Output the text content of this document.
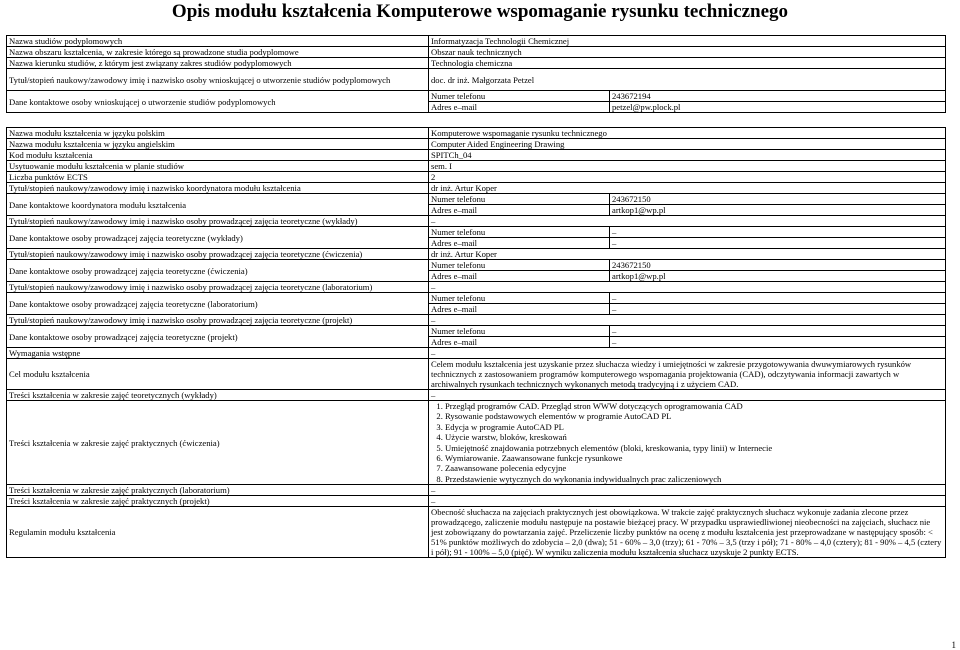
Opis modułu kształcenia Komputerowe wspomaganie rysunku technicznego
Nazwa studiów podyplomowych	Informatyzacja Technologii Chemicznej
Nazwa obszaru kształcenia, w zakresie którego są prowadzone studia podyplomowe	Obszar nauk technicznych
Nazwa kierunku studiów, z którym jest związany zakres studiów podyplomowych	Technologia chemiczna
Tytuł/stopień naukowy/zawodowy imię i nazwisko osoby wnioskującej o utworzenie studiów podyplomowych	doc. dr inż. Małgorzata Petzel
Dane kontaktowe osoby wnioskującej o utworzenie studiów podyplomowych	
Numer telefonu	243672194
Adres e–mail	petzel@pw.plock.pl
Nazwa modułu kształcenia w języku polskim	Komputerowe wspomaganie rysunku technicznego
Nazwa modułu kształcenia w języku angielskim	Computer Aided Engineering Drawing
Kod modułu kształcenia	SPITCh_04
Usytuowanie modułu kształcenia w planie studiów	sem. I
Liczba punktów ECTS	2
Tytuł/stopień naukowy/zawodowy imię i nazwisko koordynatora modułu kształcenia	dr inż. Artur Koper
Dane kontaktowe koordynatora modułu kształcenia	
Numer telefonu	243672150
Adres e–mail	artkop1@wp.pl

Tytuł/stopień naukowy/zawodowy imię i nazwisko osoby prowadzącej zajęcia teoretyczne (wykłady)	–
Dane kontaktowe osoby prowadzącej zajęcia teoretyczne (wykłady)	
Numer telefonu	–
Adres e–mail	–

Tytuł/stopień naukowy/zawodowy imię i nazwisko osoby prowadzącej zajęcia teoretyczne (ćwiczenia)	dr inż. Artur Koper
Dane kontaktowe osoby prowadzącej zajęcia teoretyczne (ćwiczenia)	
Numer telefonu	243672150
Adres e–mail	artkop1@wp.pl

Tytuł/stopień naukowy/zawodowy imię i nazwisko osoby prowadzącej zajęcia teoretyczne (laboratorium)	–
Dane kontaktowe osoby prowadzącej zajęcia teoretyczne (laboratorium)	
Numer telefonu	–
Adres e–mail	–

Tytuł/stopień naukowy/zawodowy imię i nazwisko osoby prowadzącej zajęcia teoretyczne (projekt)	–
Dane kontaktowe osoby prowadzącej zajęcia teoretyczne (projekt)	
Numer telefonu	–
Adres e–mail	–

Wymagania wstępne	–
Cel modułu kształcenia	Celem modułu kształcenia jest uzyskanie przez słuchacza wiedzy i umiejętności w zakresie przygotowywania dwuwymiarowych rysunków technicznych z zastosowaniem programów komputerowego wspomagania projektowania (CAD), odczytywania informacji zawartych w archiwalnych rysunkach technicznych wykonanych metodą tradycyjną i z użyciem CAD.
Treści kształcenia w zakresie zajęć teoretycznych (wykłady)	–
Treści kształcenia w zakresie zajęć praktycznych (ćwiczenia)	
1. Przegląd programów CAD. Przegląd stron WWW dotyczących oprogramowania CAD
2. Rysowanie podstawowych elementów w programie AutoCAD PL
3. Edycja w programie AutoCAD PL
4. Użycie warstw, bloków, kreskowań
5. Umiejętność znajdowania potrzebnych elementów (bloki, kreskowania, typy linii) w Internecie
6. Wymiarowanie. Zaawansowane funkcje rysunkowe
7. Zaawansowane polecenia edycyjne
8. Przedstawienie wytycznych do wykonania indywidualnych prac zaliczeniowych

Treści kształcenia w zakresie zajęć praktycznych (laboratorium)	–
Treści kształcenia w zakresie zajęć praktycznych (projekt)	–
Regulamin modułu kształcenia	Obecność słuchacza na zajęciach praktycznych jest obowiązkowa. W trakcie zajęć praktycznych słuchacz wykonuje zadania zlecone przez prowadzącego, zaliczenie modułu następuje na postawie bieżącej pracy. W przypadku usprawiedliwionej nieobecności na zajęciach, słuchacz nie jest zobowiązany do powtarzania zajęć. Przeliczenie liczby punktów na ocenę z modułu kształcenia jest przeprowadzane w następujący sposób: < 51% punktów możliwych do zdobycia – 2,0 (dwa); 51 - 60% – 3,0 (trzy); 61 - 70% – 3,5 (trzy i pół); 71 - 80% – 4,0 (cztery); 81 - 90% – 4,5 (cztery i pół); 91 - 100% – 5,0 (pięć). W wyniku zaliczenia modułu kształcenia słuchacz uzyskuje 2 punkty ECTS.
1
